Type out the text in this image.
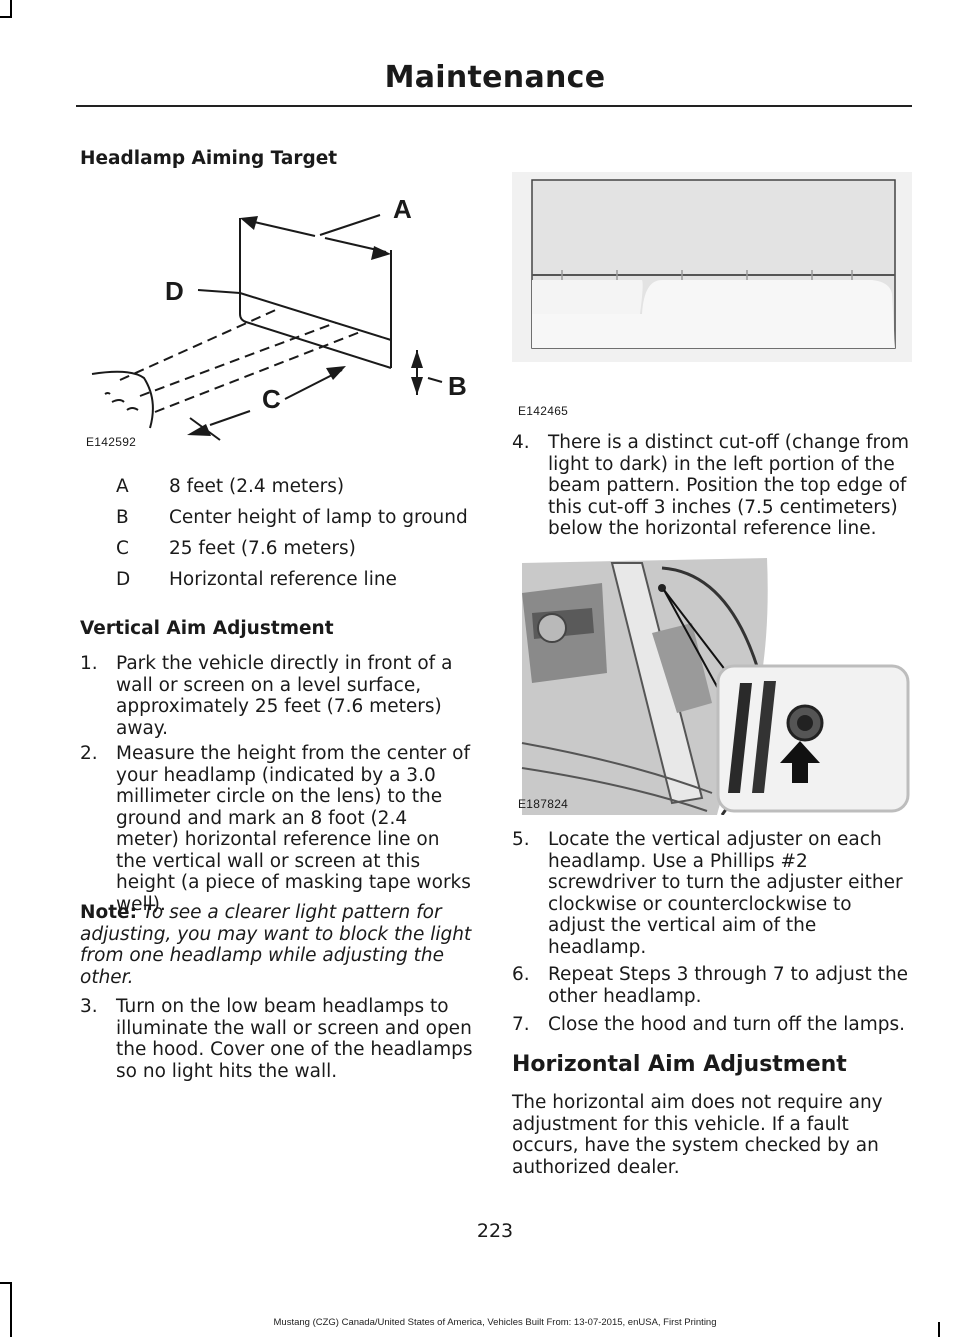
Maintenance
Headlamp Aiming Target
A
B
C
D
E142592
A 8 feet (2.4 meters)
B Center height of lamp to ground
C 25 feet (7.6 meters)
D Horizontal reference line
Vertical Aim Adjustment
1. Park the vehicle directly in front of a wall or screen on a level surface, approximately 25 feet (7.6 meters) away.
2. Measure the height from the center of your headlamp (indicated by a 3.0 millimeter circle on the lens) to the ground and mark an 8 foot (2.4 meter) horizontal reference line on the vertical wall or screen at this height (a piece of masking tape works well).
Note: To see a clearer light pattern for adjusting, you may want to block the light from one headlamp while adjusting the other.
3. Turn on the low beam headlamps to illuminate the wall or screen and open the hood. Cover one of the headlamps so no light hits the wall.
E142465
4. There is a distinct cut-off (change from light to dark) in the left portion of the beam pattern. Position the top edge of this cut-off 3 inches (7.5 centimeters) below the horizontal reference line.
E187824
5. Locate the vertical adjuster on each headlamp. Use a Phillips #2 screwdriver to turn the adjuster either clockwise or counterclockwise to adjust the vertical aim of the headlamp.
6. Repeat Steps 3 through 7 to adjust the other headlamp.
7. Close the hood and turn off the lamps.
Horizontal Aim Adjustment
The horizontal aim does not require any adjustment for this vehicle. If a fault occurs, have the system checked by an authorized dealer.
223
Mustang (CZG) Canada/United States of America, Vehicles Built From: 13-07-2015, enUSA, First Printing
